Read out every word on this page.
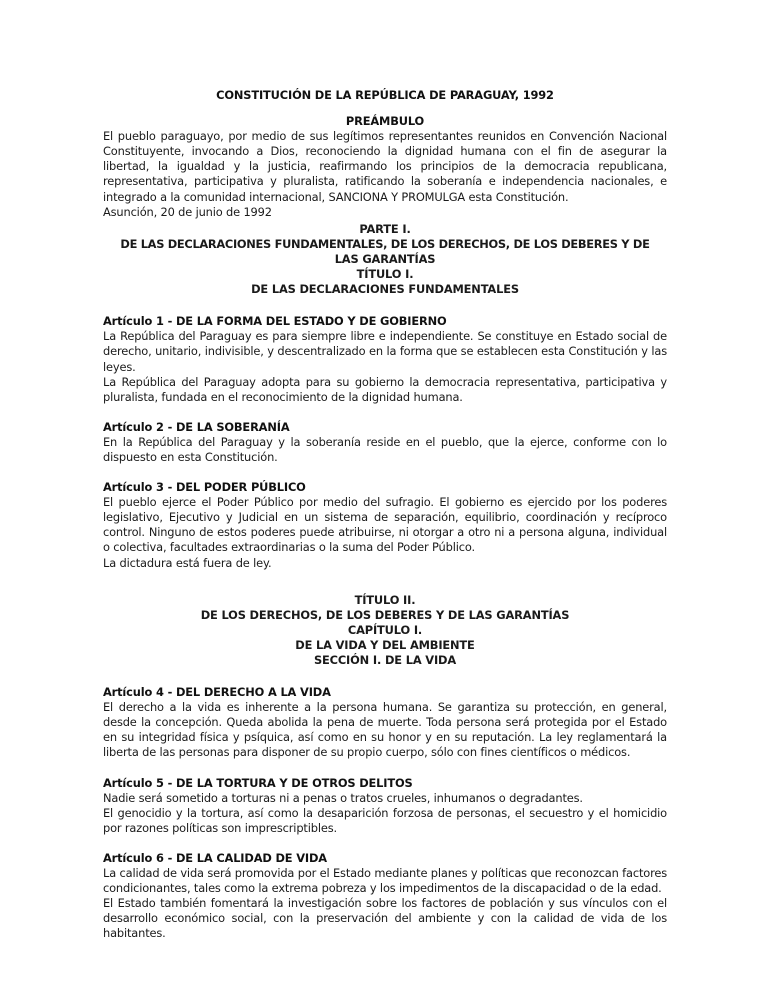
CONSTITUCIÓN DE LA REPÚBLICA DE PARAGUAY, 1992
PREÁMBULO

El pueblo paraguayo, por medio de sus legítimos representantes reunidos en Convención Nacional Constituyente, invocando a Dios, reconociendo la dignidad humana con el fin de asegurar la libertad, la igualdad y la justicia, reafirmando los principios de la democracia republicana, representativa, participativa y pluralista, ratificando la soberanía e independencia nacionales, e integrado a la comunidad internacional, SANCIONA Y PROMULGA esta Constitución.

Asunción, 20 de junio de 1992

PARTE I.
DE LAS DECLARACIONES FUNDAMENTALES, DE LOS DERECHOS, DE LOS DEBERES Y DE
LAS GARANTÍAS
TÍTULO I.
DE LAS DECLARACIONES FUNDAMENTALES
Artículo 1 - DE LA FORMA DEL ESTADO Y DE GOBIERNO

La República del Paraguay es para siempre libre e independiente. Se constituye en Estado social de derecho, unitario, indivisible, y descentralizado en la forma que se establecen esta Constitución y las leyes.

La República del Paraguay adopta para su gobierno la democracia representativa, participativa y pluralista, fundada en el reconocimiento de la dignidad humana.

Artículo 2 - DE LA SOBERANÍA

En la República del Paraguay y la soberanía reside en el pueblo, que la ejerce, conforme con lo dispuesto en esta Constitución.

Artículo 3 - DEL PODER PÚBLICO

El pueblo ejerce el Poder Público por medio del sufragio. El gobierno es ejercido por los poderes legislativo, Ejecutivo y Judicial en un sistema de separación, equilibrio, coordinación y recíproco control. Ninguno de estos poderes puede atribuirse, ni otorgar a otro ni a persona alguna, individual o colectiva, facultades extraordinarias o la suma del Poder Público.

La dictadura está fuera de ley.

TÍTULO II.
DE LOS DERECHOS, DE LOS DEBERES Y DE LAS GARANTÍAS
CAPÍTULO I.
DE LA VIDA Y DEL AMBIENTE
SECCIÓN I. DE LA VIDA
Artículo 4 - DEL DERECHO A LA VIDA

El derecho a la vida es inherente a la persona humana. Se garantiza su protección, en general, desde la concepción. Queda abolida la pena de muerte. Toda persona será protegida por el Estado en su integridad física y psíquica, así como en su honor y en su reputación. La ley reglamentará la liberta de las personas para disponer de su propio cuerpo, sólo con fines científicos o médicos.

Artículo 5 - DE LA TORTURA Y DE OTROS DELITOS

Nadie será sometido a torturas ni a penas o tratos crueles, inhumanos o degradantes.

El genocidio y la tortura, así como la desaparición forzosa de personas, el secuestro y el homicidio por razones políticas son imprescriptibles.

Artículo 6 - DE LA CALIDAD DE VIDA

La calidad de vida será promovida por el Estado mediante planes y políticas que reconozcan factores condicionantes, tales como la extrema pobreza y los impedimentos de la discapacidad o de la edad.

El Estado también fomentará la investigación sobre los factores de población y sus vínculos con el desarrollo económico social, con la preservación del ambiente y con la calidad de vida de los habitantes.
